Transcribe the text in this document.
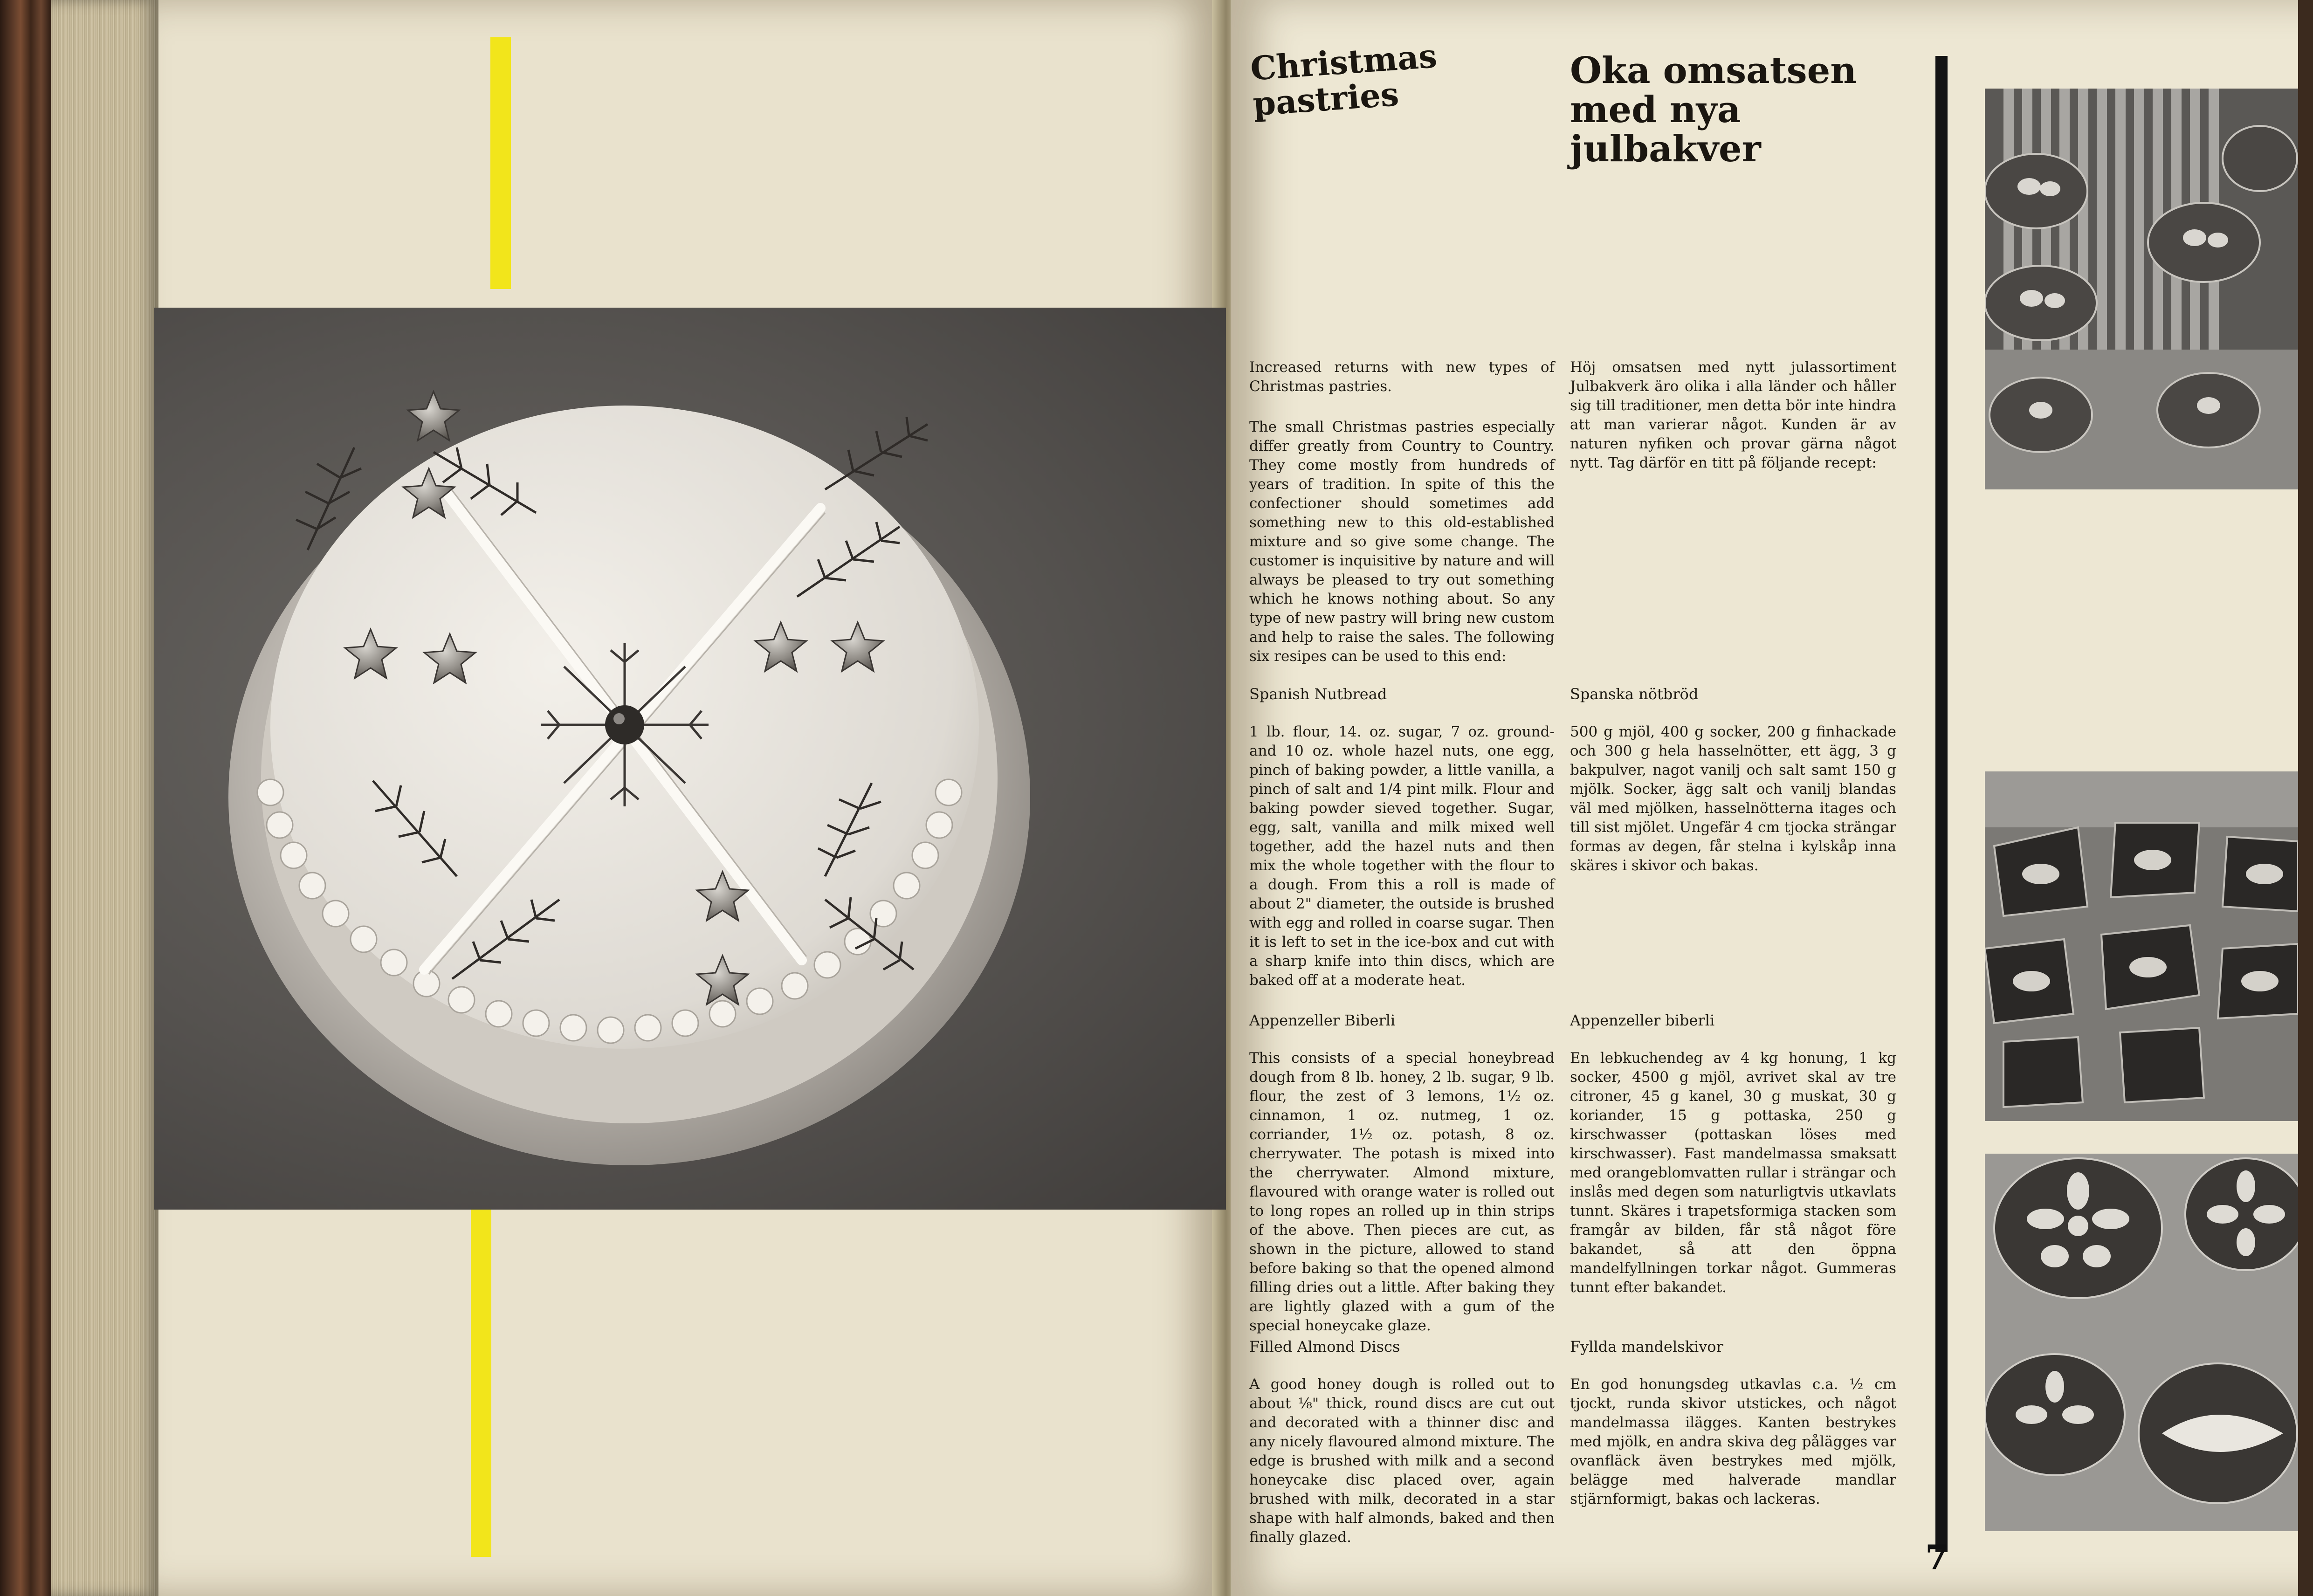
Christmas
pastries
Oka omsatsen
med nya
julbakver
Increased returns with new types of Christmas pastries.
The small Christmas pastries especially differ greatly from Country to Country. They come mostly from hundreds of years of tradition. In spite of this the confectioner should sometimes add something new to this old-established mixture and so give some change. The customer is inquisitive by nature and will always be pleased to try out something which he knows nothing about. So any type of new pastry will bring new custom and help to raise the sales. The following six resipes can be used to this end:
Spanish Nutbread
1 lb. flour, 14. oz. sugar, 7 oz. ground- and 10 oz. whole hazel nuts, one egg, pinch of baking powder, a little vanilla, a pinch of salt and 1/4 pint milk. Flour and baking powder sieved together. Sugar, egg, salt, vanilla and milk mixed well together, add the hazel nuts and then mix the whole together with the flour to a dough. From this a roll is made of about 2" diameter, the outside is brushed with egg and rolled in coarse sugar. Then it is left to set in the ice-box and cut with a sharp knife into thin discs, which are baked off at a moderate heat.
Appenzeller Biberli
This consists of a special honeybread dough from 8 lb. honey, 2 lb. sugar, 9 lb. flour, the zest of 3 lemons, 1½ oz. cinnamon, 1 oz. nutmeg, 1 oz. corriander, 1½ oz. potash, 8 oz. cherrywater. The potash is mixed into the cherrywater. Almond mixture, flavoured with orange water is rolled out to long ropes an rolled up in thin strips of the above. Then pieces are cut, as shown in the picture, allowed to stand before baking so that the opened almond filling dries out a little. After baking they are lightly glazed with a gum of the special honeycake glaze.
Filled Almond Discs
A good honey dough is rolled out to about ⅛" thick, round discs are cut out and decorated with a thinner disc and any nicely flavoured almond mixture. The edge is brushed with milk and a second honeycake disc placed over, again brushed with milk, decorated in a star shape with half almonds, baked and then finally glazed.
Höj omsatsen med nytt julassortiment Julbakverk äro olika i alla länder och håller sig till traditioner, men detta bör inte hindra att man varierar något. Kunden är av naturen nyfiken och provar gärna något nytt. Tag därför en titt på följande recept:
Spanska nötbröd
500 g mjöl, 400 g socker, 200 g finhackade och 300 g hela hasselnötter, ett ägg, 3 g bakpulver, nagot vanilj och salt samt 150 g mjölk. Socker, ägg salt och vanilj blandas väl med mjölken, hasselnötterna itages och till sist mjölet. Ungefär 4 cm tjocka strängar formas av degen, får stelna i kylskåp inna skäres i skivor och bakas.
Appenzeller biberli
En lebkuchendeg av 4 kg honung, 1 kg socker, 4500 g mjöl, avrivet skal av tre citroner, 45 g kanel, 30 g muskat, 30 g koriander, 15 g pottaska, 250 g kirschwasser (pottaskan löses med kirschwasser). Fast mandelmassa smaksatt med orangeblomvatten rullar i strängar och inslås med degen som naturligtvis utkavlats tunnt. Skäres i trapetsformiga stacken som framgår av bilden, får stå något före bakandet, så att den öppna mandelfyllningen torkar något. Gummeras tunnt efter bakandet.
Fyllda mandelskivor
En god honungsdeg utkavlas c.a. ½ cm tjockt, runda skivor utstickes, och något mandelmassa ilägges. Kanten bestrykes med mjölk, en andra skiva deg pålägges var ovanfläck även bestrykes med mjölk, belägge med halverade mandlar stjärnformigt, bakas och lackeras.
7
